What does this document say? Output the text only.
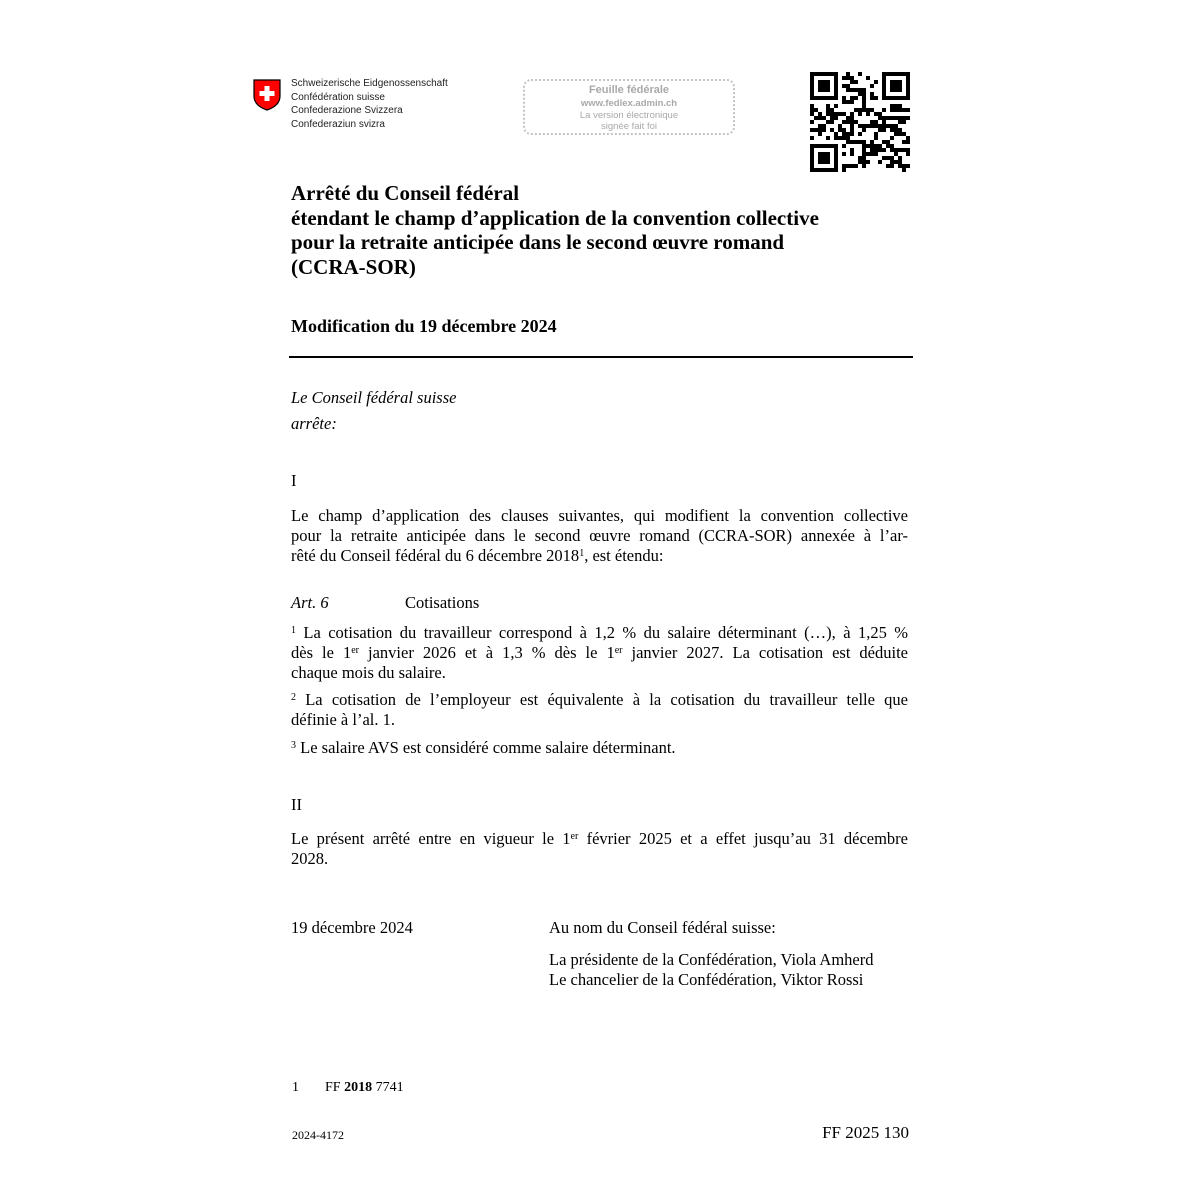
Schweizerische Eidgenossenschaft
Confédération suisse
Confederazione Svizzera
Confederaziun svizra
Feuille fédérale
www.fedlex.admin.ch
La version électronique
signée fait foi
Arrêté du Conseil fédéral
étendant le champ d’application de la convention collective
pour la retraite anticipée dans le second œuvre romand
(CCRA-SOR)
Modification du 19 décembre 2024
Le Conseil fédéral suisse
arrête:
I
Le champ d’application des clauses suivantes, qui modifient la convention collective
pour la retraite anticipée dans le second œuvre romand (CCRA-SOR) annexée à l’ar-
rêté du Conseil fédéral du 6 décembre 2018$^1$, est étendu:
Art. 6	Cotisations
$^1$ La cotisation du travailleur correspond à 1,2 % du salaire déterminant (…), à 1,25 %
dès le 1er janvier 2026 et à 1,3 % dès le 1er janvier 2027. La cotisation est déduite
chaque mois du salaire.
$^2$ La cotisation de l’employeur est équivalente à la cotisation du travailleur telle que
définie à l’al. 1.
$^3$ Le salaire AVS est considéré comme salaire déterminant.
II
Le présent arrêté entre en vigueur le 1er février 2025 et a effet jusqu’au 31 décembre
2028.
19 décembre 2024	Au nom du Conseil fédéral suisse:
La présidente de la Confédération, Viola Amherd
Le chancelier de la Confédération, Viktor Rossi
1 FF 2018 7741
2024-4172	FF 2025 130
